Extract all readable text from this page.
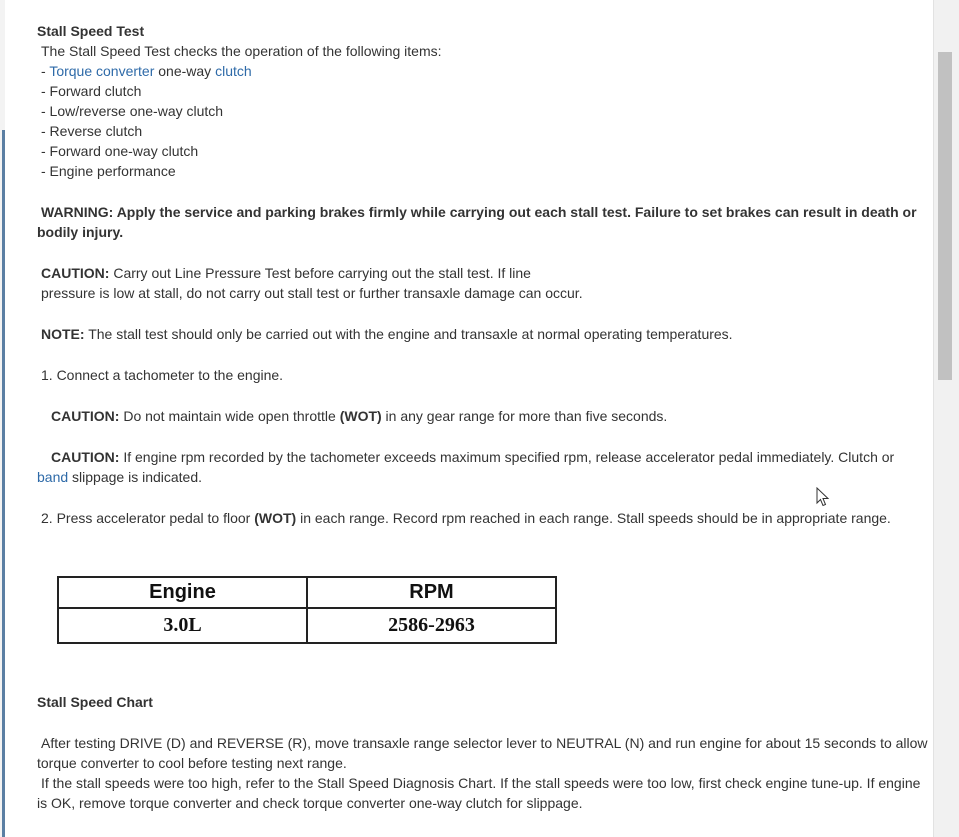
Stall Speed Test

The Stall Speed Test checks the operation of the following items:

- Torque converter one-way clutch

- Forward clutch

- Low/reverse one-way clutch

- Reverse clutch

- Forward one-way clutch

- Engine performance

WARNING: Apply the service and parking brakes firmly while carrying out each stall test. Failure to set brakes can result in death or bodily injury.

CAUTION: Carry out Line Pressure Test before carrying out the stall test. If line

pressure is low at stall, do not carry out stall test or further transaxle damage can occur.

NOTE: The stall test should only be carried out with the engine and transaxle at normal operating temperatures.

1. Connect a tachometer to the engine.

CAUTION: Do not maintain wide open throttle (WOT) in any gear range for more than five seconds.

CAUTION: If engine rpm recorded by the tachometer exceeds maximum specified rpm, release accelerator pedal immediately. Clutch or
band slippage is indicated.

2. Press accelerator pedal to floor (WOT) in each range. Record rpm reached in each range. Stall speeds should be in appropriate range.

Engine	RPM
3.0L	2586-2963

Stall Speed Chart

After testing DRIVE (D) and REVERSE (R), move transaxle range selector lever to NEUTRAL (N) and run engine for about 15 seconds to allow torque converter to cool before testing next range.

If the stall speeds were too high, refer to the Stall Speed Diagnosis Chart. If the stall speeds were too low, first check engine tune-up. If engine is OK, remove torque converter and check torque converter one-way clutch for slippage.
